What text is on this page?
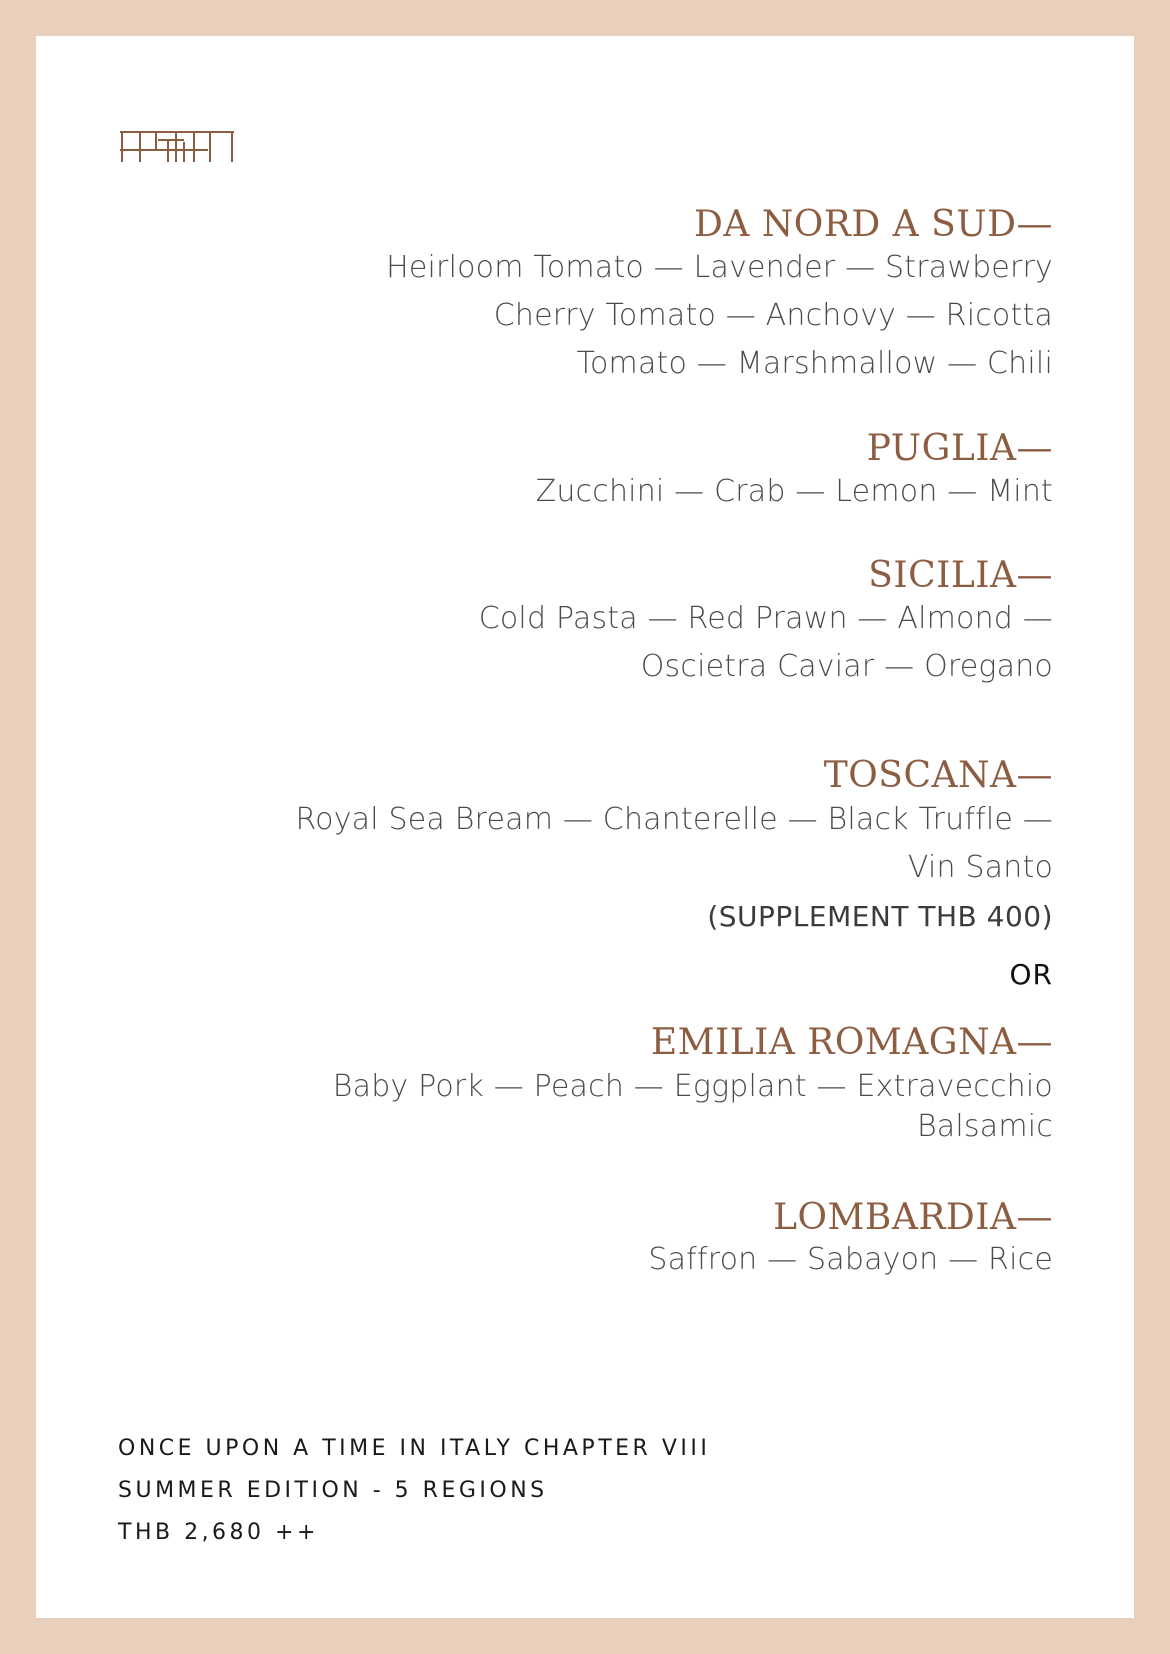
DA NORD A SUD—
Heirloom Tomato — Lavender — Strawberry
Cherry Tomato — Anchovy — Ricotta
Tomato — Marshmallow — Chili
PUGLIA—
Zucchini — Crab — Lemon — Mint
SICILIA—
Cold Pasta — Red Prawn — Almond —
Oscietra Caviar — Oregano
TOSCANA—
Royal Sea Bream — Chanterelle — Black Truffle —
Vin Santo
(SUPPLEMENT THB 400)
OR
EMILIA ROMAGNA—
Baby Pork — Peach — Eggplant — Extravecchio
Balsamic
LOMBARDIA—
Saffron — Sabayon — Rice
ONCE UPON A TIME IN ITALY CHAPTER VIII
SUMMER EDITION - 5 REGIONS
THB 2,680 ++
